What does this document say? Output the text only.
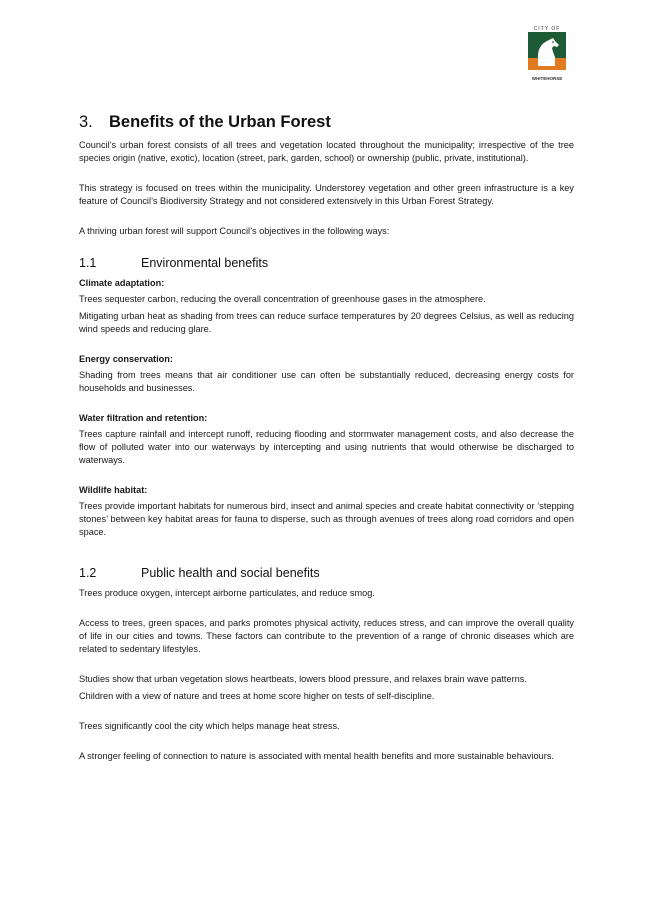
CITY OF
WHITEHORSE
3. Benefits of the Urban Forest

Council’s urban forest consists of all trees and vegetation located throughout the municipality; irrespective of the tree species origin (native, exotic), location (street, park, garden, school) or ownership (public, private, institutional).

This strategy is focused on trees within the municipality. Understorey vegetation and other green infrastructure is a key feature of Council’s Biodiversity Strategy and not considered extensively in this Urban Forest Strategy.

A thriving urban forest will support Council’s objectives in the following ways:

1.1	Environmental benefits
Climate adaptation:

Trees sequester carbon, reducing the overall concentration of greenhouse gases in the atmosphere.

Mitigating urban heat as shading from trees can reduce surface temperatures by 20 degrees Celsius, as well as reducing wind speeds and reducing glare.

Energy conservation:

Shading from trees means that air conditioner use can often be substantially reduced, decreasing energy costs for households and businesses.

Water filtration and retention:

Trees capture rainfall and intercept runoff, reducing flooding and stormwater management costs, and also decrease the flow of polluted water into our waterways by intercepting and using nutrients that would otherwise be discharged to waterways.

Wildlife habitat:

Trees provide important habitats for numerous bird, insect and animal species and create habitat connectivity or ‘stepping stones’ between key habitat areas for fauna to disperse, such as through avenues of trees along road corridors and open space.

1.2	Public health and social benefits

Trees produce oxygen, intercept airborne particulates, and reduce smog.

Access to trees, green spaces, and parks promotes physical activity, reduces stress, and can improve the overall quality of life in our cities and towns. These factors can contribute to the prevention of a range of chronic diseases which are related to sedentary lifestyles.

Studies show that urban vegetation slows heartbeats, lowers blood pressure, and relaxes brain wave patterns.

Children with a view of nature and trees at home score higher on tests of self-discipline.

Trees significantly cool the city which helps manage heat stress.

A stronger feeling of connection to nature is associated with mental health benefits and more sustainable behaviours.
